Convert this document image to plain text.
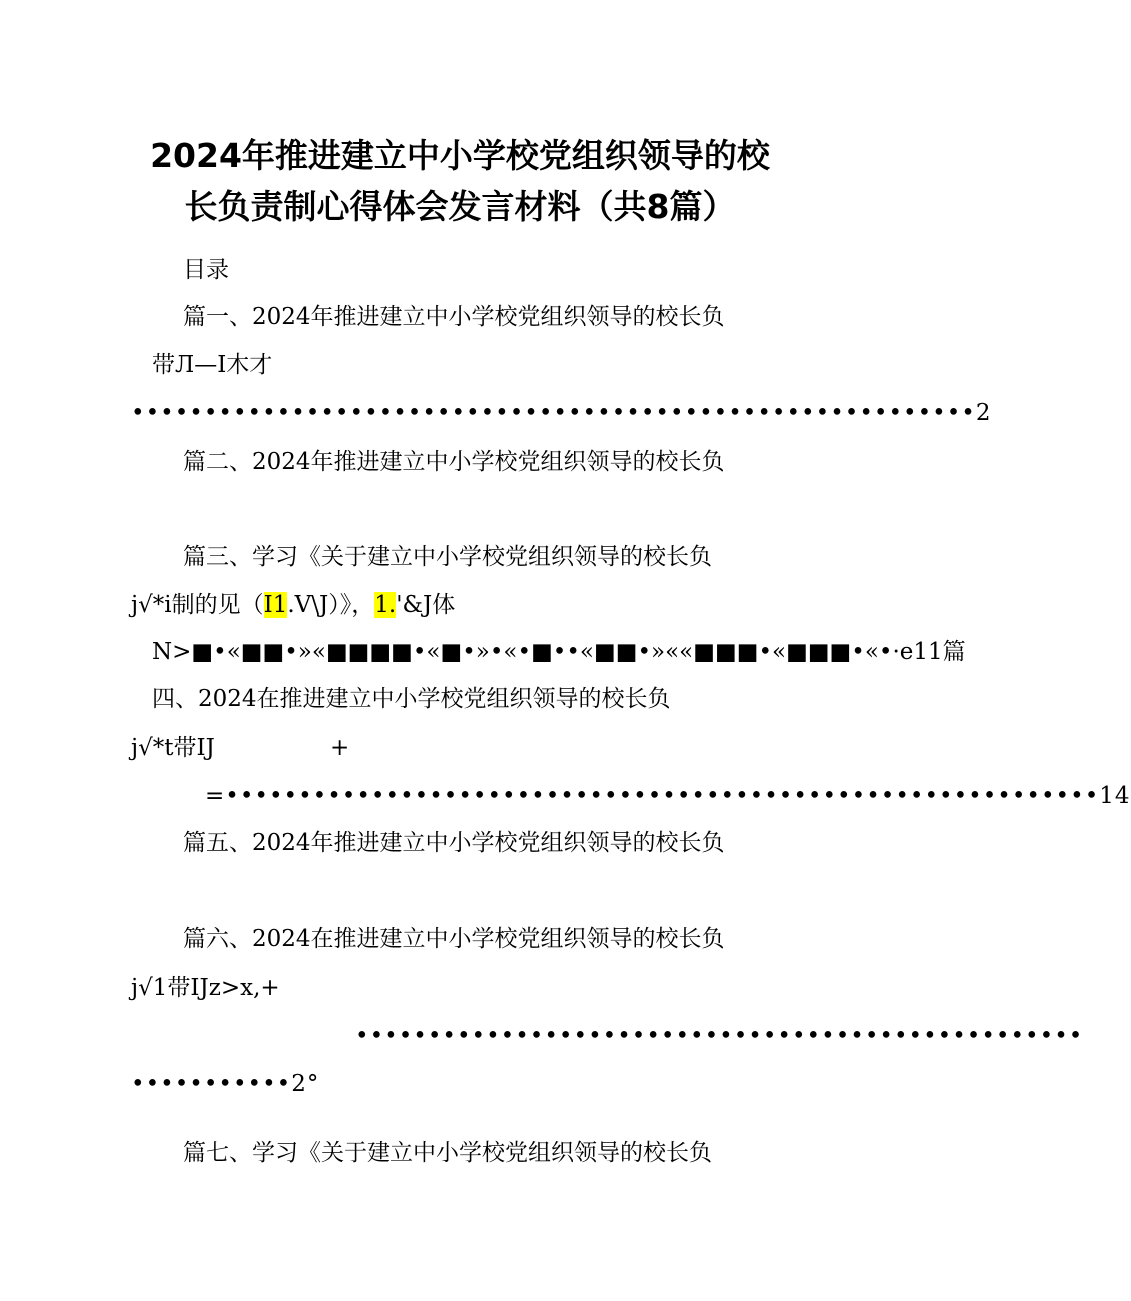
2024年推进建立中小学校党组织领导的校
长负责制心得体会发言材料（共8篇）
目录
篇一、2024年推进建立中小学校党组织领导的校长负
带Л—I木才
••••••••••••••••••••••••••••••••••••••••••••••••••••••••••2
篇二、2024年推进建立中小学校党组织领导的校长负
篇三、学习《关于建立中小学校党组织领导的校长负
j√*i制的见（I1.V\J）》，1.'&J体
N>■•«■■•»«■■■■•«■•»•«•■••«■■•»««■■■•«■■■•«•·e11篇
四、2024在推进建立中小学校党组织领导的校长负
j√*t带IJ	+
=••••••••••••••••••••••••••••••••••••••••••••••••••••••••••••14
篇五、2024年推进建立中小学校党组织领导的校长负
篇六、2024在推进建立中小学校党组织领导的校长负
j√1带IJz>x,+
••••••••••••••••••••••••••••••••••••••••••••••••••
•••••••••••2°
篇七、学习《关于建立中小学校党组织领导的校长负
